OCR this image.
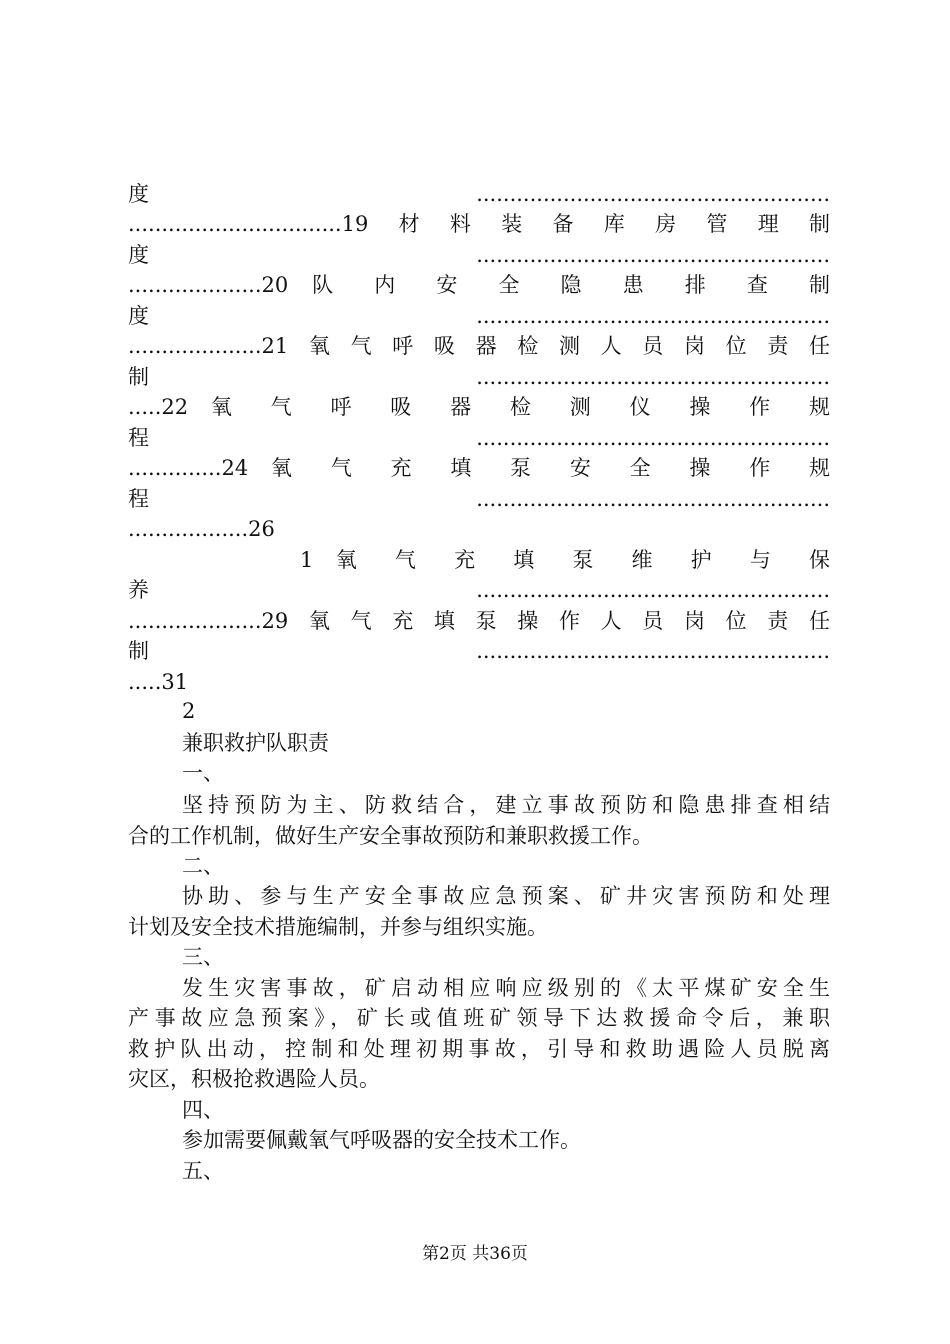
度.....................................................
................................19材料装备库房管理制
度.....................................................
....................20 队 内 安 全 隐 患 排 查 制
度.....................................................
....................21氧气呼吸器检测人员岗位责任
制.....................................................
.....22 氧 气 呼 吸 器 检 测 仪 操 作 规
程.....................................................
..............24 氧 气 充 填 泵 安 全 操 作 规
程.....................................................
..................26
1 氧 气 充 填 泵 维 护 与 保
养.....................................................
....................29氧气充填泵操作人员岗位责任
制.....................................................
.....31
2
兼职救护队职责
一、
坚持预防为主、防救结合，建立事故预防和隐患排查相结
合的工作机制，做好生产安全事故预防和兼职救援工作。
二、
协助、参与生产安全事故应急预案、矿井灾害预防和处理
计划及安全技术措施编制，并参与组织实施。
三、
发生灾害事故，矿启动相应响应级别的《太平煤矿安全生
产事故应急预案》，矿长或值班矿领导下达救援命令后，兼职
救护队出动，控制和处理初期事故，引导和救助遇险人员脱离
灾区，积极抢救遇险人员。
四、
参加需要佩戴氧气呼吸器的安全技术工作。
五、
第2页 共36页
